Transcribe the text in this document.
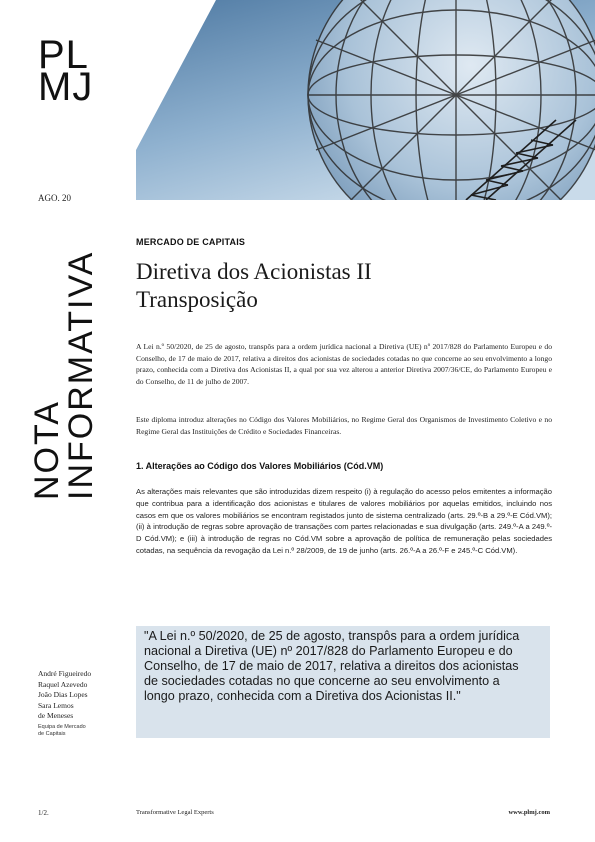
PL
MJ
AGO. 20
NOTA
INFORMATIVA
MERCADO DE CAPITAIS
Diretiva dos Acionistas II
Transposição

A Lei n.º 50/2020, de 25 de agosto, transpôs para a ordem jurídica nacional a Diretiva (UE) nº 2017/828 do Parlamento Europeu e do Conselho, de 17 de maio de 2017, relativa a direitos dos acionistas de sociedades cotadas no que concerne ao seu envolvimento a longo prazo, conhecida com a Diretiva dos Acionistas II, a qual por sua vez alterou a anterior Diretiva 2007/36/CE, do Parlamento Europeu e do Conselho, de 11 de julho de 2007.

Este diploma introduz alterações no Código dos Valores Mobiliários, no Regime Geral dos Organismos de Investimento Coletivo e no Regime Geral das Instituições de Crédito e Sociedades Financeiras.

1. Alterações ao Código dos Valores Mobiliários (Cód.VM)

As alterações mais relevantes que são introduzidas dizem respeito (i) à regulação do acesso pelos emitentes a informação que contribua para a identificação dos acionistas e titulares de valores mobiliários por aquelas emitidos, incluindo nos casos em que os valores mobiliários se encontram registados junto de sistema centralizado (arts. 29.º-B a 29.º-E Cód.VM); (ii) à introdução de regras sobre aprovação de transações com partes relacionadas e sua divulgação (arts. 249.º-A a 249.º-D Cód.VM); e (iii) à introdução de regras no Cód.VM sobre a aprovação de política de remuneração pelas sociedades cotadas, na sequência da revogação da Lei n.º 28/2009, de 19 de junho (arts. 26.º-A a 26.º-F e 245.º-C Cód.VM).

"A Lei n.º 50/2020, de 25 de agosto, transpôs para a ordem jurídica nacional a Diretiva (UE) nº 2017/828 do Parlamento Europeu e do Conselho, de 17 de maio de 2017, relativa a direitos dos acionistas de sociedades cotadas no que concerne ao seu envolvimento a longo prazo, conhecida com a Diretiva dos Acionistas II."

André Figueiredo
Raquel Azevedo
João Dias Lopes
Sara Lemos
de Meneses
Equipa de Mercado
de Capitais
1/2.	Transformative Legal Experts	www.plmj.com
